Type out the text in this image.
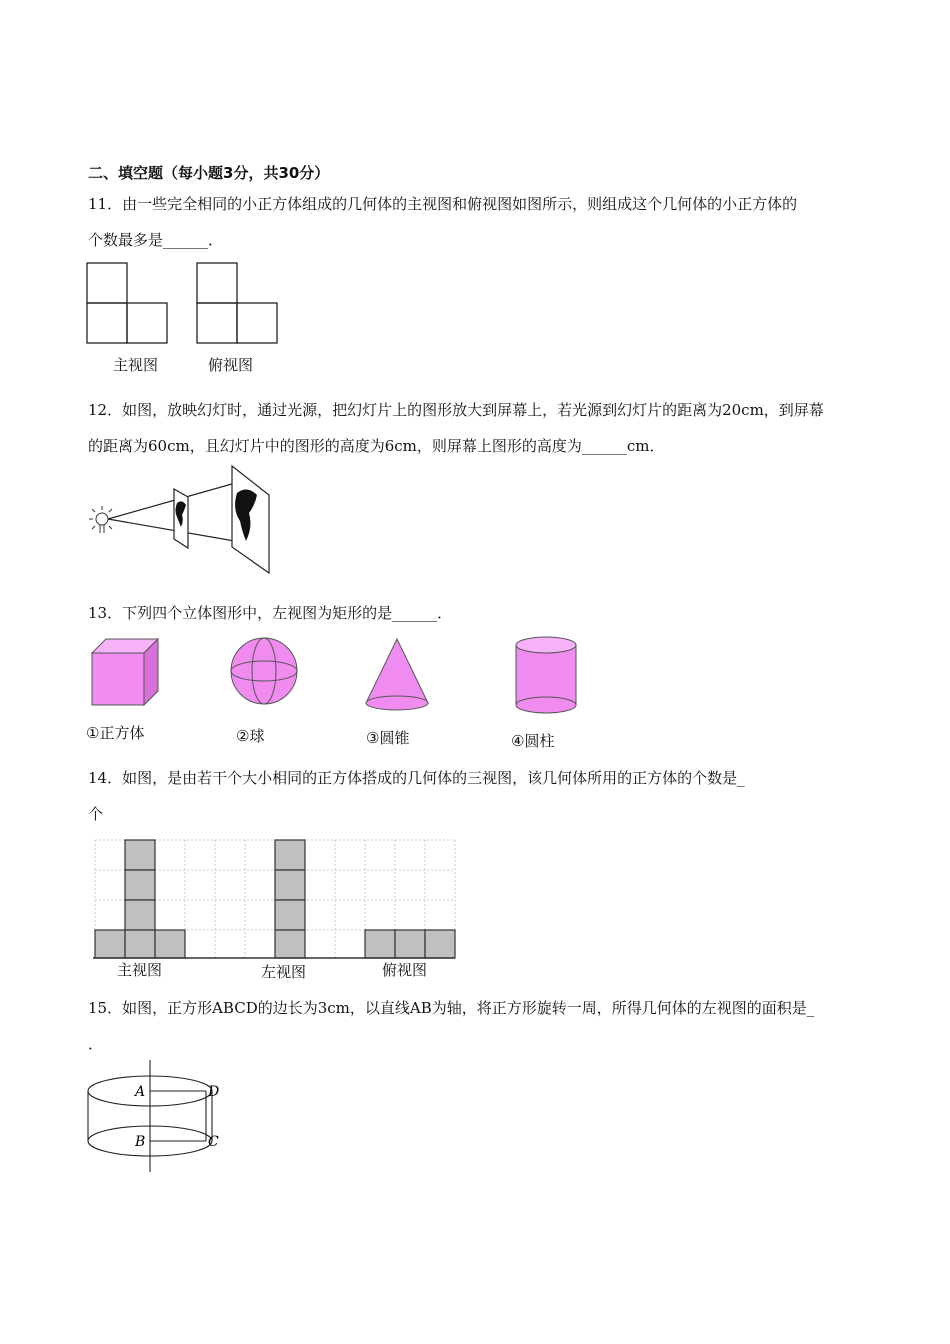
二、填空题（每小题3分，共30分）
11．由一些完全相同的小正方体组成的几何体的主视图和俯视图如图所示，则组成这个几何体的小正方体的
个数最多是______．
主视图	俯视图
12．如图，放映幻灯时，通过光源，把幻灯片上的图形放大到屏幕上，若光源到幻灯片的距离为20cm，到屏幕
的距离为60cm，且幻灯片中的图形的高度为6cm，则屏幕上图形的高度为______cm．
13．下列四个立体图形中，左视图为矩形的是______．
①正方体	②球	③圆锥	④圆柱
14．如图，是由若干个大小相同的正方体搭成的几何体的三视图，该几何体所用的正方体的个数是_
个
主视图	左视图	俯视图
15．如图，正方形ABCD的边长为3cm，以直线AB为轴，将正方形旋转一周，所得几何体的左视图的面积是_
．
A	D
B	C
